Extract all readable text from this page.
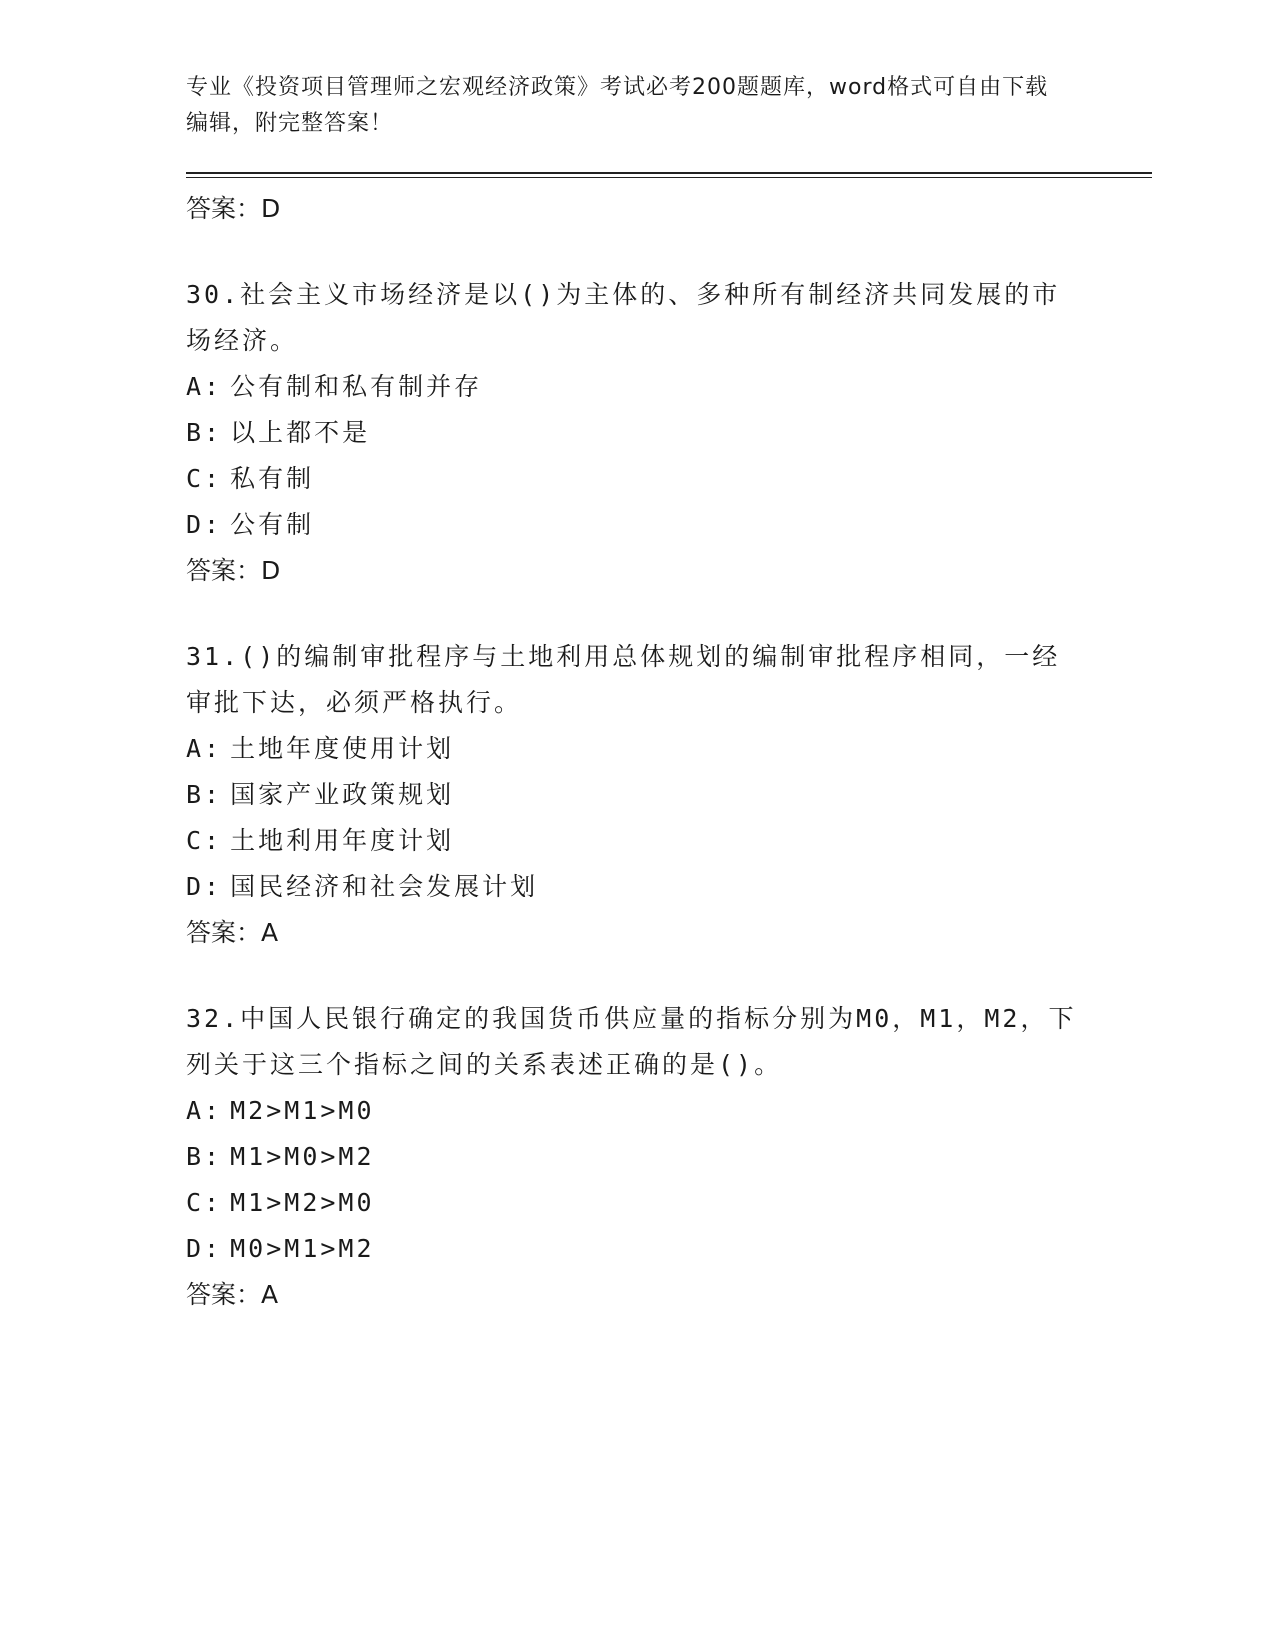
专业《投资项目管理师之宏观经济政策》考试必考200题题库，word格式可自由下载编辑，附完整答案！

答案：D

30.社会主义市场经济是以()为主体的、多种所有制经济共同发展的市场经济。

A: 公有制和私有制并存
B: 以上都不是
C: 私有制
D: 公有制

答案：D

31.()的编制审批程序与土地利用总体规划的编制审批程序相同，一经审批下达，必须严格执行。

A: 土地年度使用计划
B: 国家产业政策规划
C: 土地利用年度计划
D: 国民经济和社会发展计划

答案：A

32.中国人民银行确定的我国货币供应量的指标分别为M0，M1，M2，下列关于这三个指标之间的关系表述正确的是()。

A: M2>M1>M0
B: M1>M0>M2
C: M1>M2>M0
D: M0>M1>M2

答案：A
